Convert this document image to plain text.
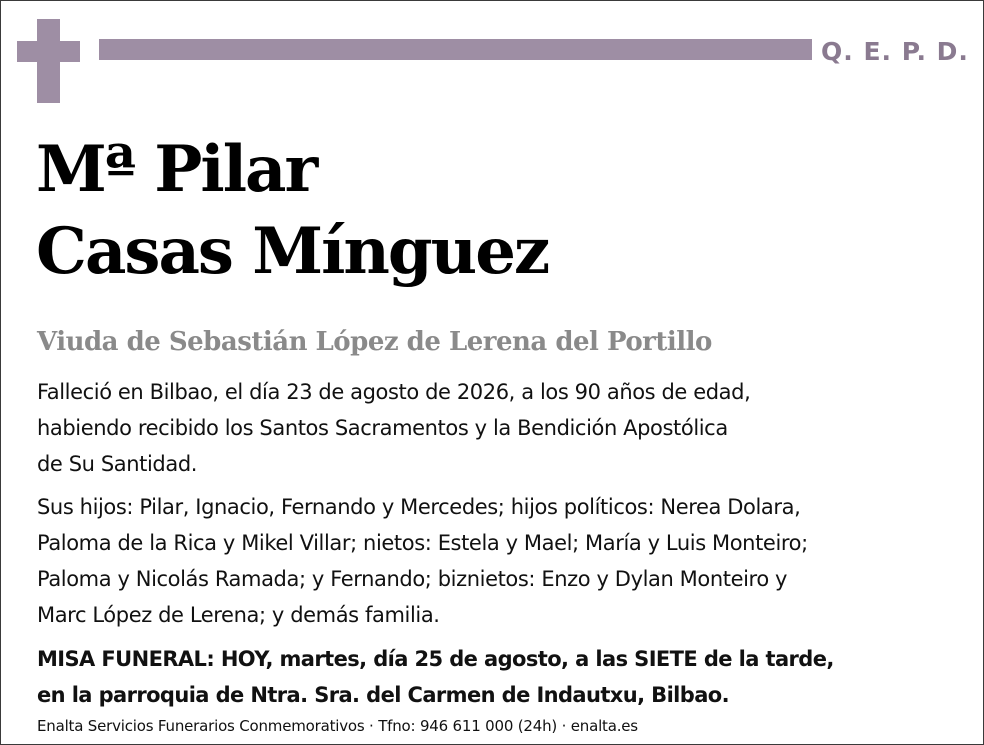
Q. E. P. D.
Mª Pilar
Casas Mínguez
Viuda de Sebastián López de Lerena del Portillo
Falleció en Bilbao, el día 23 de agosto de 2026, a los 90 años de edad,
habiendo recibido los Santos Sacramentos y la Bendición Apostólica
de Su Santidad.
Sus hijos: Pilar, Ignacio, Fernando y Mercedes; hijos políticos: Nerea Dolara,
Paloma de la Rica y Mikel Villar; nietos: Estela y Mael; María y Luis Monteiro;
Paloma y Nicolás Ramada; y Fernando; biznietos: Enzo y Dylan Monteiro y
Marc López de Lerena; y demás familia.
MISA FUNERAL: HOY, martes, día 25 de agosto, a las SIETE de la tarde,
en la parroquia de Ntra. Sra. del Carmen de Indautxu, Bilbao.
Enalta Servicios Funerarios Conmemorativos · Tfno: 946 611 000 (24h) · enalta.es
